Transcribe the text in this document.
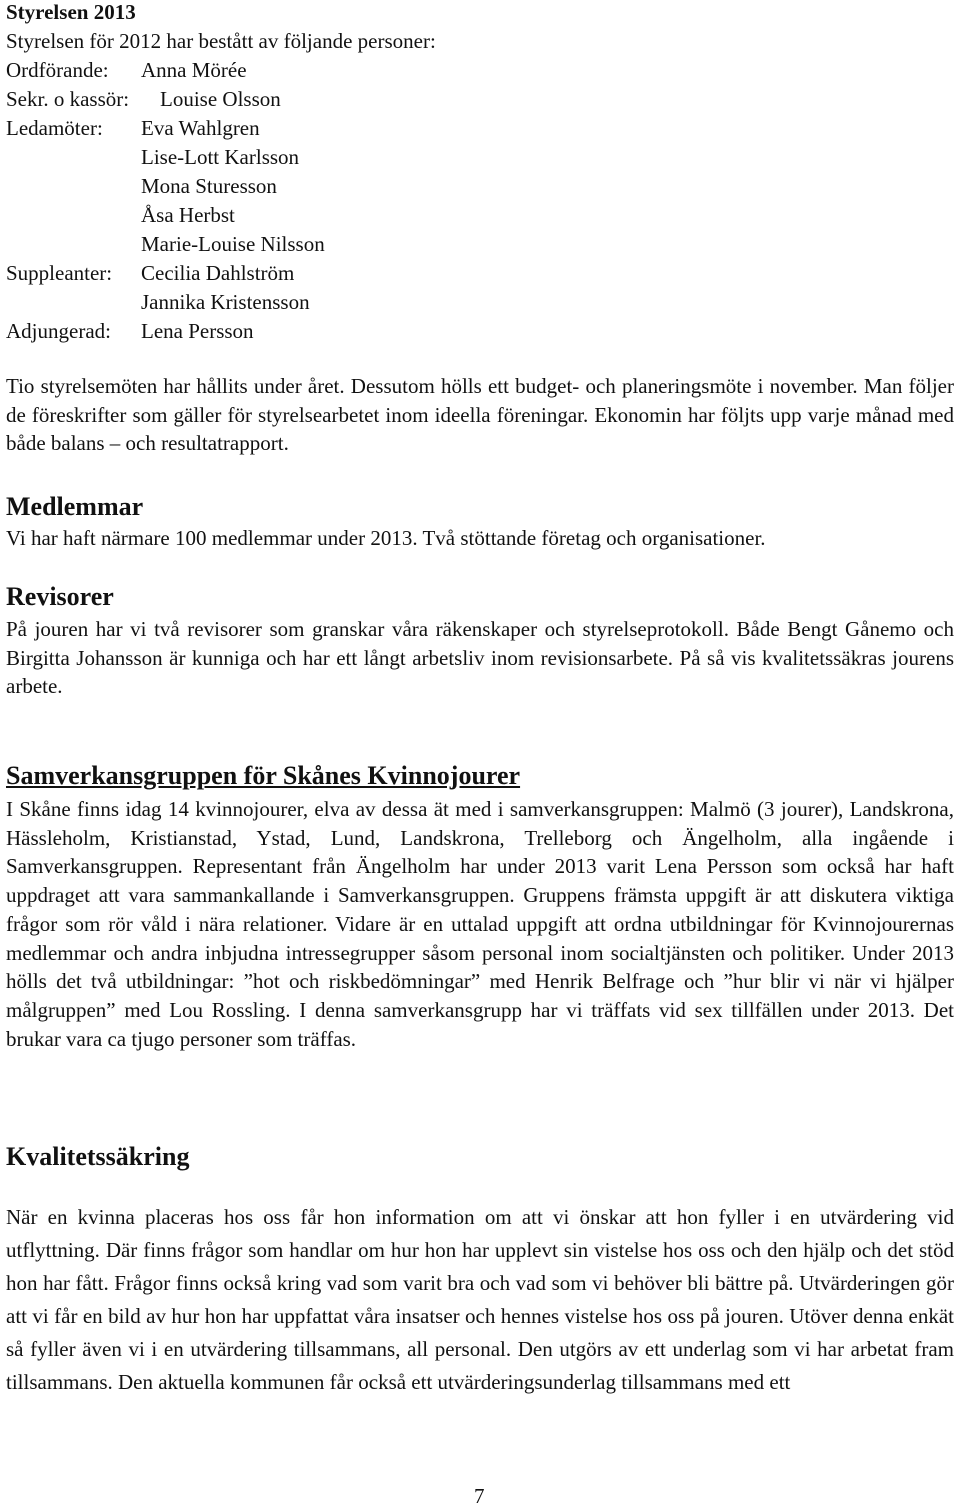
Styrelsen 2013
Styrelsen för 2012 har bestått av följande personer:
Ordförande: Anna Mörée
Sekr. o kassör: Louise Olsson
Ledamöter: Eva Wahlgren
Lise-Lott Karlsson
Mona Sturesson
Åsa Herbst
Marie-Louise Nilsson
Suppleanter: Cecilia Dahlström
Jannika Kristensson
Adjungerad: Lena Persson
Tio styrelsemöten har hållits under året. Dessutom hölls ett budget- och planeringsmöte i november. Man följer de föreskrifter som gäller för styrelsearbetet inom ideella föreningar. Ekonomin har följts upp varje månad med både balans – och resultatrapport.
Medlemmar
Vi har haft närmare 100 medlemmar under 2013. Två stöttande företag och organisationer.
Revisorer
På jouren har vi två revisorer som granskar våra räkenskaper och styrelseprotokoll. Både Bengt Gånemo och Birgitta Johansson är kunniga och har ett långt arbetsliv inom revisionsarbete. På så vis kvalitetssäkras jourens arbete.
Samverkansgruppen för Skånes Kvinnojourer
I Skåne finns idag 14 kvinnojourer, elva av dessa ät med i samverkansgruppen: Malmö (3 jourer), Landskrona, Hässleholm, Kristianstad, Ystad, Lund, Landskrona, Trelleborg och Ängelholm, alla ingående i Samverkansgruppen. Representant från Ängelholm har under 2013 varit Lena Persson som också har haft uppdraget att vara sammankallande i Samverkansgruppen. Gruppens främsta uppgift är att diskutera viktiga frågor som rör våld i nära relationer. Vidare är en uttalad uppgift att ordna utbildningar för Kvinnojourernas medlemmar och andra inbjudna intressegrupper såsom personal inom socialtjänsten och politiker. Under 2013 hölls det två utbildningar: ”hot och riskbedömningar” med Henrik Belfrage och ”hur blir vi när vi hjälper målgruppen” med Lou Rossling. I denna samverkansgrupp har vi träffats vid sex tillfällen under 2013. Det brukar vara ca tjugo personer som träffas.
Kvalitetssäkring
När en kvinna placeras hos oss får hon information om att vi önskar att hon fyller i en utvärdering vid utflyttning. Där finns frågor som handlar om hur hon har upplevt sin vistelse hos oss och den hjälp och det stöd hon har fått. Frågor finns också kring vad som varit bra och vad som vi behöver bli bättre på. Utvärderingen gör att vi får en bild av hur hon har uppfattat våra insatser och hennes vistelse hos oss på jouren. Utöver denna enkät så fyller även vi i en utvärdering tillsammans, all personal. Den utgörs av ett underlag som vi har arbetat fram tillsammans. Den aktuella kommunen får också ett utvärderingsunderlag tillsammans med ett
7
